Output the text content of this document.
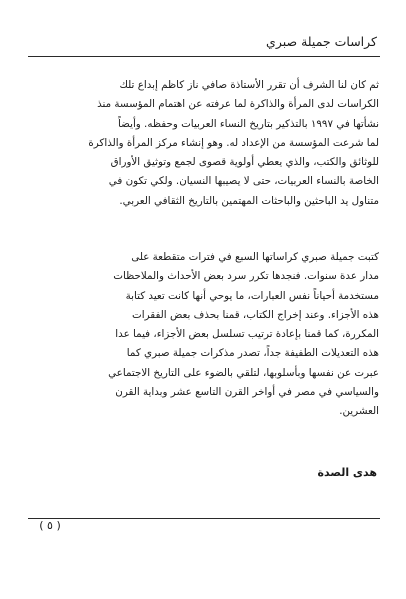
كراسات جميلة صبري
ثم كان لنا الشرف أن تقرر الأستاذة صافي ناز كاظم إبداع تلك
الكراسات لدى المرأة والذاكرة لما عرفته عن اهتمام المؤسسة منذ
نشأتها في ١٩٩٧ بالتذكير بتاريخ النساء العربيات وحفظه. وأيضاً
لما شرعت المؤسسة من الإعداد له. وهو إنشاء مركز المرأة والذاكرة
للوثائق والكتب، والذي يعطي أولوية قصوى لجمع وتوثيق الأوراق
الخاصة بالنساء العربيات، حتى لا يصيبها النسيان. ولكي تكون في
متناول يد الباحثين والباحثات المهتمين بالتاريخ الثقافي العربي.
كتبت جميلة صبري كراساتها السبع في فترات متقطعة على
مدار عدة سنوات. فنجدها تكرر سرد بعض الأحداث والملاحظات
مستخدمة أحياناً نفس العبارات، ما يوحي أنها كانت تعيد كتابة
هذه الأجزاء. وعند إخراج الكتاب، قمنا بحذف بعض الفقرات
المكررة، كما قمنا بإعادة ترتيب تسلسل بعض الأجزاء، فيما عدا
هذه التعديلات الطفيفة جداً، تصدر مذكرات جميلة صبري كما
عبرت عن نفسها وبأسلوبها، لتلقي بالضوء على التاريخ الاجتماعي
والسياسي في مصر في أواخر القرن التاسع عشر وبداية القرن
العشرين.
هدى الصدة
( ٥ )
